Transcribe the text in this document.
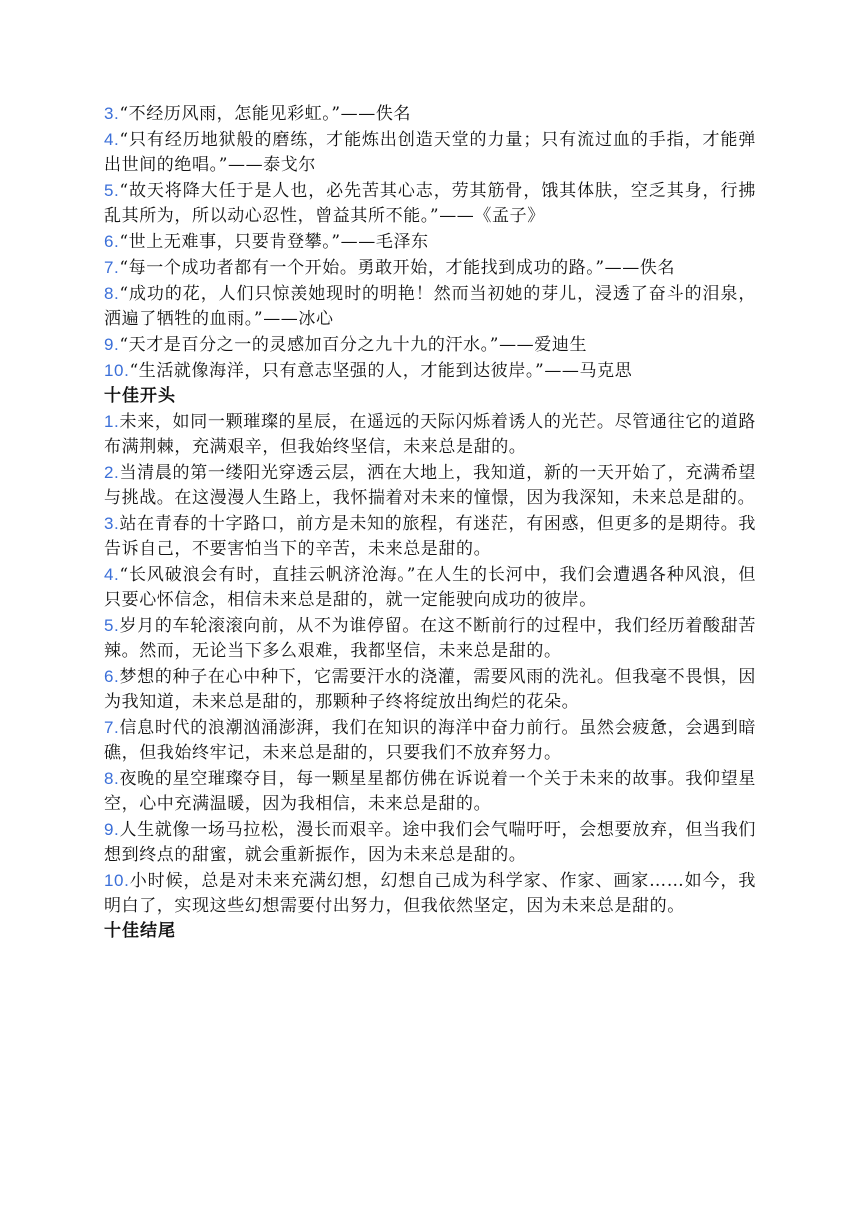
3.“不经历风雨，怎能见彩虹。”——佚名

4.“只有经历地狱般的磨练，才能炼出创造天堂的力量；只有流过血的手指，才能弹出世间的绝唱。”——泰戈尔

5.“故天将降大任于是人也，必先苦其心志，劳其筋骨，饿其体肤，空乏其身，行拂乱其所为，所以动心忍性，曾益其所不能。”——《孟子》

6.“世上无难事，只要肯登攀。”——毛泽东

7.“每一个成功者都有一个开始。勇敢开始，才能找到成功的路。”——佚名

8.“成功的花，人们只惊羡她现时的明艳！然而当初她的芽儿，浸透了奋斗的泪泉，洒遍了牺牲的血雨。”——冰心

9.“天才是百分之一的灵感加百分之九十九的汗水。”——爱迪生

10.“生活就像海洋，只有意志坚强的人，才能到达彼岸。”——马克思

十佳开头

1.未来，如同一颗璀璨的星辰，在遥远的天际闪烁着诱人的光芒。尽管通往它的道路布满荆棘，充满艰辛，但我始终坚信，未来总是甜的。

2.当清晨的第一缕阳光穿透云层，洒在大地上，我知道，新的一天开始了，充满希望与挑战。在这漫漫人生路上，我怀揣着对未来的憧憬，因为我深知，未来总是甜的。

3.站在青春的十字路口，前方是未知的旅程，有迷茫，有困惑，但更多的是期待。我告诉自己，不要害怕当下的辛苦，未来总是甜的。

4.“长风破浪会有时，直挂云帆济沧海。”在人生的长河中，我们会遭遇各种风浪，但只要心怀信念，相信未来总是甜的，就一定能驶向成功的彼岸。

5.岁月的车轮滚滚向前，从不为谁停留。在这不断前行的过程中，我们经历着酸甜苦辣。然而，无论当下多么艰难，我都坚信，未来总是甜的。

6.梦想的种子在心中种下，它需要汗水的浇灌，需要风雨的洗礼。但我毫不畏惧，因为我知道，未来总是甜的，那颗种子终将绽放出绚烂的花朵。

7.信息时代的浪潮汹涌澎湃，我们在知识的海洋中奋力前行。虽然会疲惫，会遇到暗礁，但我始终牢记，未来总是甜的，只要我们不放弃努力。

8.夜晚的星空璀璨夺目，每一颗星星都仿佛在诉说着一个关于未来的故事。我仰望星空，心中充满温暖，因为我相信，未来总是甜的。

9.人生就像一场马拉松，漫长而艰辛。途中我们会气喘吁吁，会想要放弃，但当我们想到终点的甜蜜，就会重新振作，因为未来总是甜的。

10.小时候，总是对未来充满幻想，幻想自己成为科学家、作家、画家……如今，我明白了，实现这些幻想需要付出努力，但我依然坚定，因为未来总是甜的。

十佳结尾
